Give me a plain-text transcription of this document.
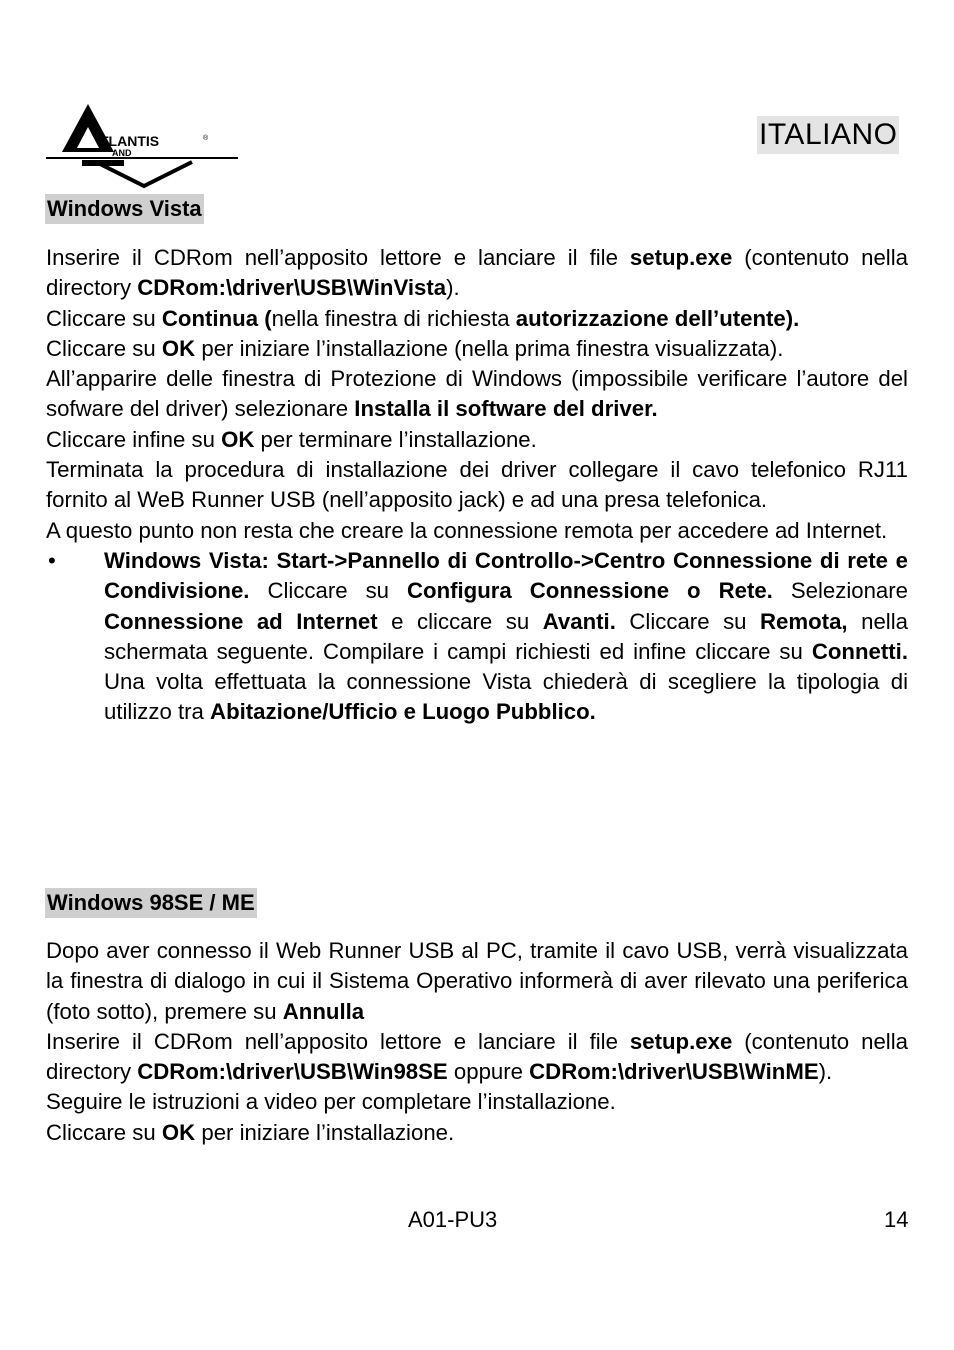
TLANTIS
AND
®	ITALIANO
Windows Vista

Inserire il CDRom nell’apposito lettore e lanciare il file setup.exe (contenuto nella directory CDRom:\driver\USB\WinVista).

Cliccare su Continua (nella finestra di richiesta autorizzazione dell’utente).

Cliccare su OK per iniziare l’installazione (nella prima finestra visualizzata).

All’apparire delle finestra di Protezione di Windows (impossibile verificare l’autore del sofware del driver) selezionare Installa il software del driver.

Cliccare infine su OK per terminare l’installazione.

Terminata la procedura di installazione dei driver collegare il cavo telefonico RJ11 fornito al WeB Runner USB (nell’apposito jack) e ad una presa telefonica.

A questo punto non resta che creare la connessione remota per accedere ad Internet.

• Windows Vista: Start->Pannello di Controllo->Centro Connessione di rete e Condivisione. Cliccare su Configura Connessione o Rete. Selezionare Connessione ad Internet e cliccare su Avanti. Cliccare su Remota, nella schermata seguente. Compilare i campi richiesti ed infine cliccare su Connetti. Una volta effettuata la connessione Vista chiederà di scegliere la tipologia di utilizzo tra Abitazione/Ufficio e Luogo Pubblico.
Windows 98SE / ME

Dopo aver connesso il Web Runner USB al PC, tramite il cavo USB, verrà visualizzata la finestra di dialogo in cui il Sistema Operativo informerà di aver rilevato una periferica (foto sotto), premere su Annulla

Inserire il CDRom nell’apposito lettore e lanciare il file setup.exe (contenuto nella directory CDRom:\driver\USB\Win98SE oppure CDRom:\driver\USB\WinME).

Seguire le istruzioni a video per completare l’installazione.

Cliccare su OK per iniziare l’installazione.

A01-PU3	14
